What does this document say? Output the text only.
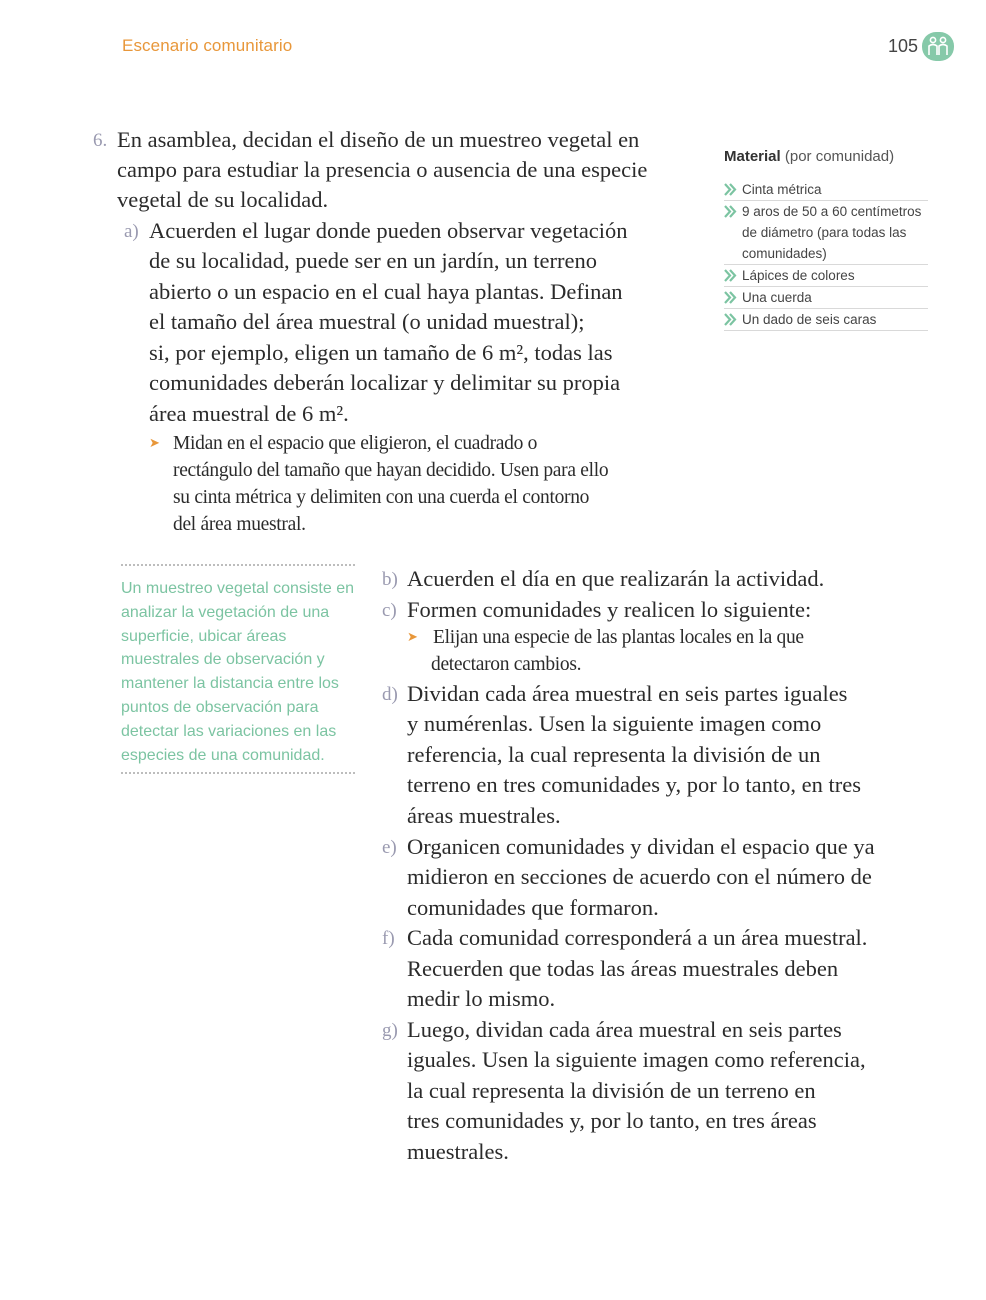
Escenario comunitario	105
6. En asamblea, decidan el diseño de un muestreo vegetal en
campo para estudiar la presencia o ausencia de una especie
vegetal de su localidad.
a) Acuerden el lugar donde pueden observar vegetación
de su localidad, puede ser en un jardín, un terreno
abierto o un espacio en el cual haya plantas. Definan
el tamaño del área muestral (o unidad muestral);
si, por ejemplo, eligen un tamaño de 6 m², todas las
comunidades deberán localizar y delimitar su propia
área muestral de 6 m².
➤ Midan en el espacio que eligieron, el cuadrado o
rectángulo del tamaño que hayan decidido. Usen para ello
su cinta métrica y delimiten con una cuerda el contorno
del área muestral.
b) Acuerden el día en que realizarán la actividad.
c) Formen comunidades y realicen lo siguiente:
➤ Elijan una especie de las plantas locales en la que
detectaron cambios.
d) Dividan cada área muestral en seis partes iguales
y numérenlas. Usen la siguiente imagen como
referencia, la cual representa la división de un
terreno en tres comunidades y, por lo tanto, en tres
áreas muestrales.
e) Organicen comunidades y dividan el espacio que ya
midieron en secciones de acuerdo con el número de
comunidades que formaron.
f) Cada comunidad corresponderá a un área muestral.
Recuerden que todas las áreas muestrales deben
medir lo mismo.
g) Luego, dividan cada área muestral en seis partes
iguales. Usen la siguiente imagen como referencia,
la cual representa la división de un terreno en
tres comunidades y, por lo tanto, en tres áreas
muestrales.
Material (por comunidad)
Cinta métrica
9 aros de 50 a 60 centímetros de diámetro (para todas las comunidades)
Lápices de colores
Una cuerda
Un dado de seis caras
Un muestreo vegetal consiste en analizar la vegetación de una superficie, ubicar áreas muestrales de observación y mantener la distancia entre los puntos de observación para detectar las variaciones en las especies de una comunidad.
